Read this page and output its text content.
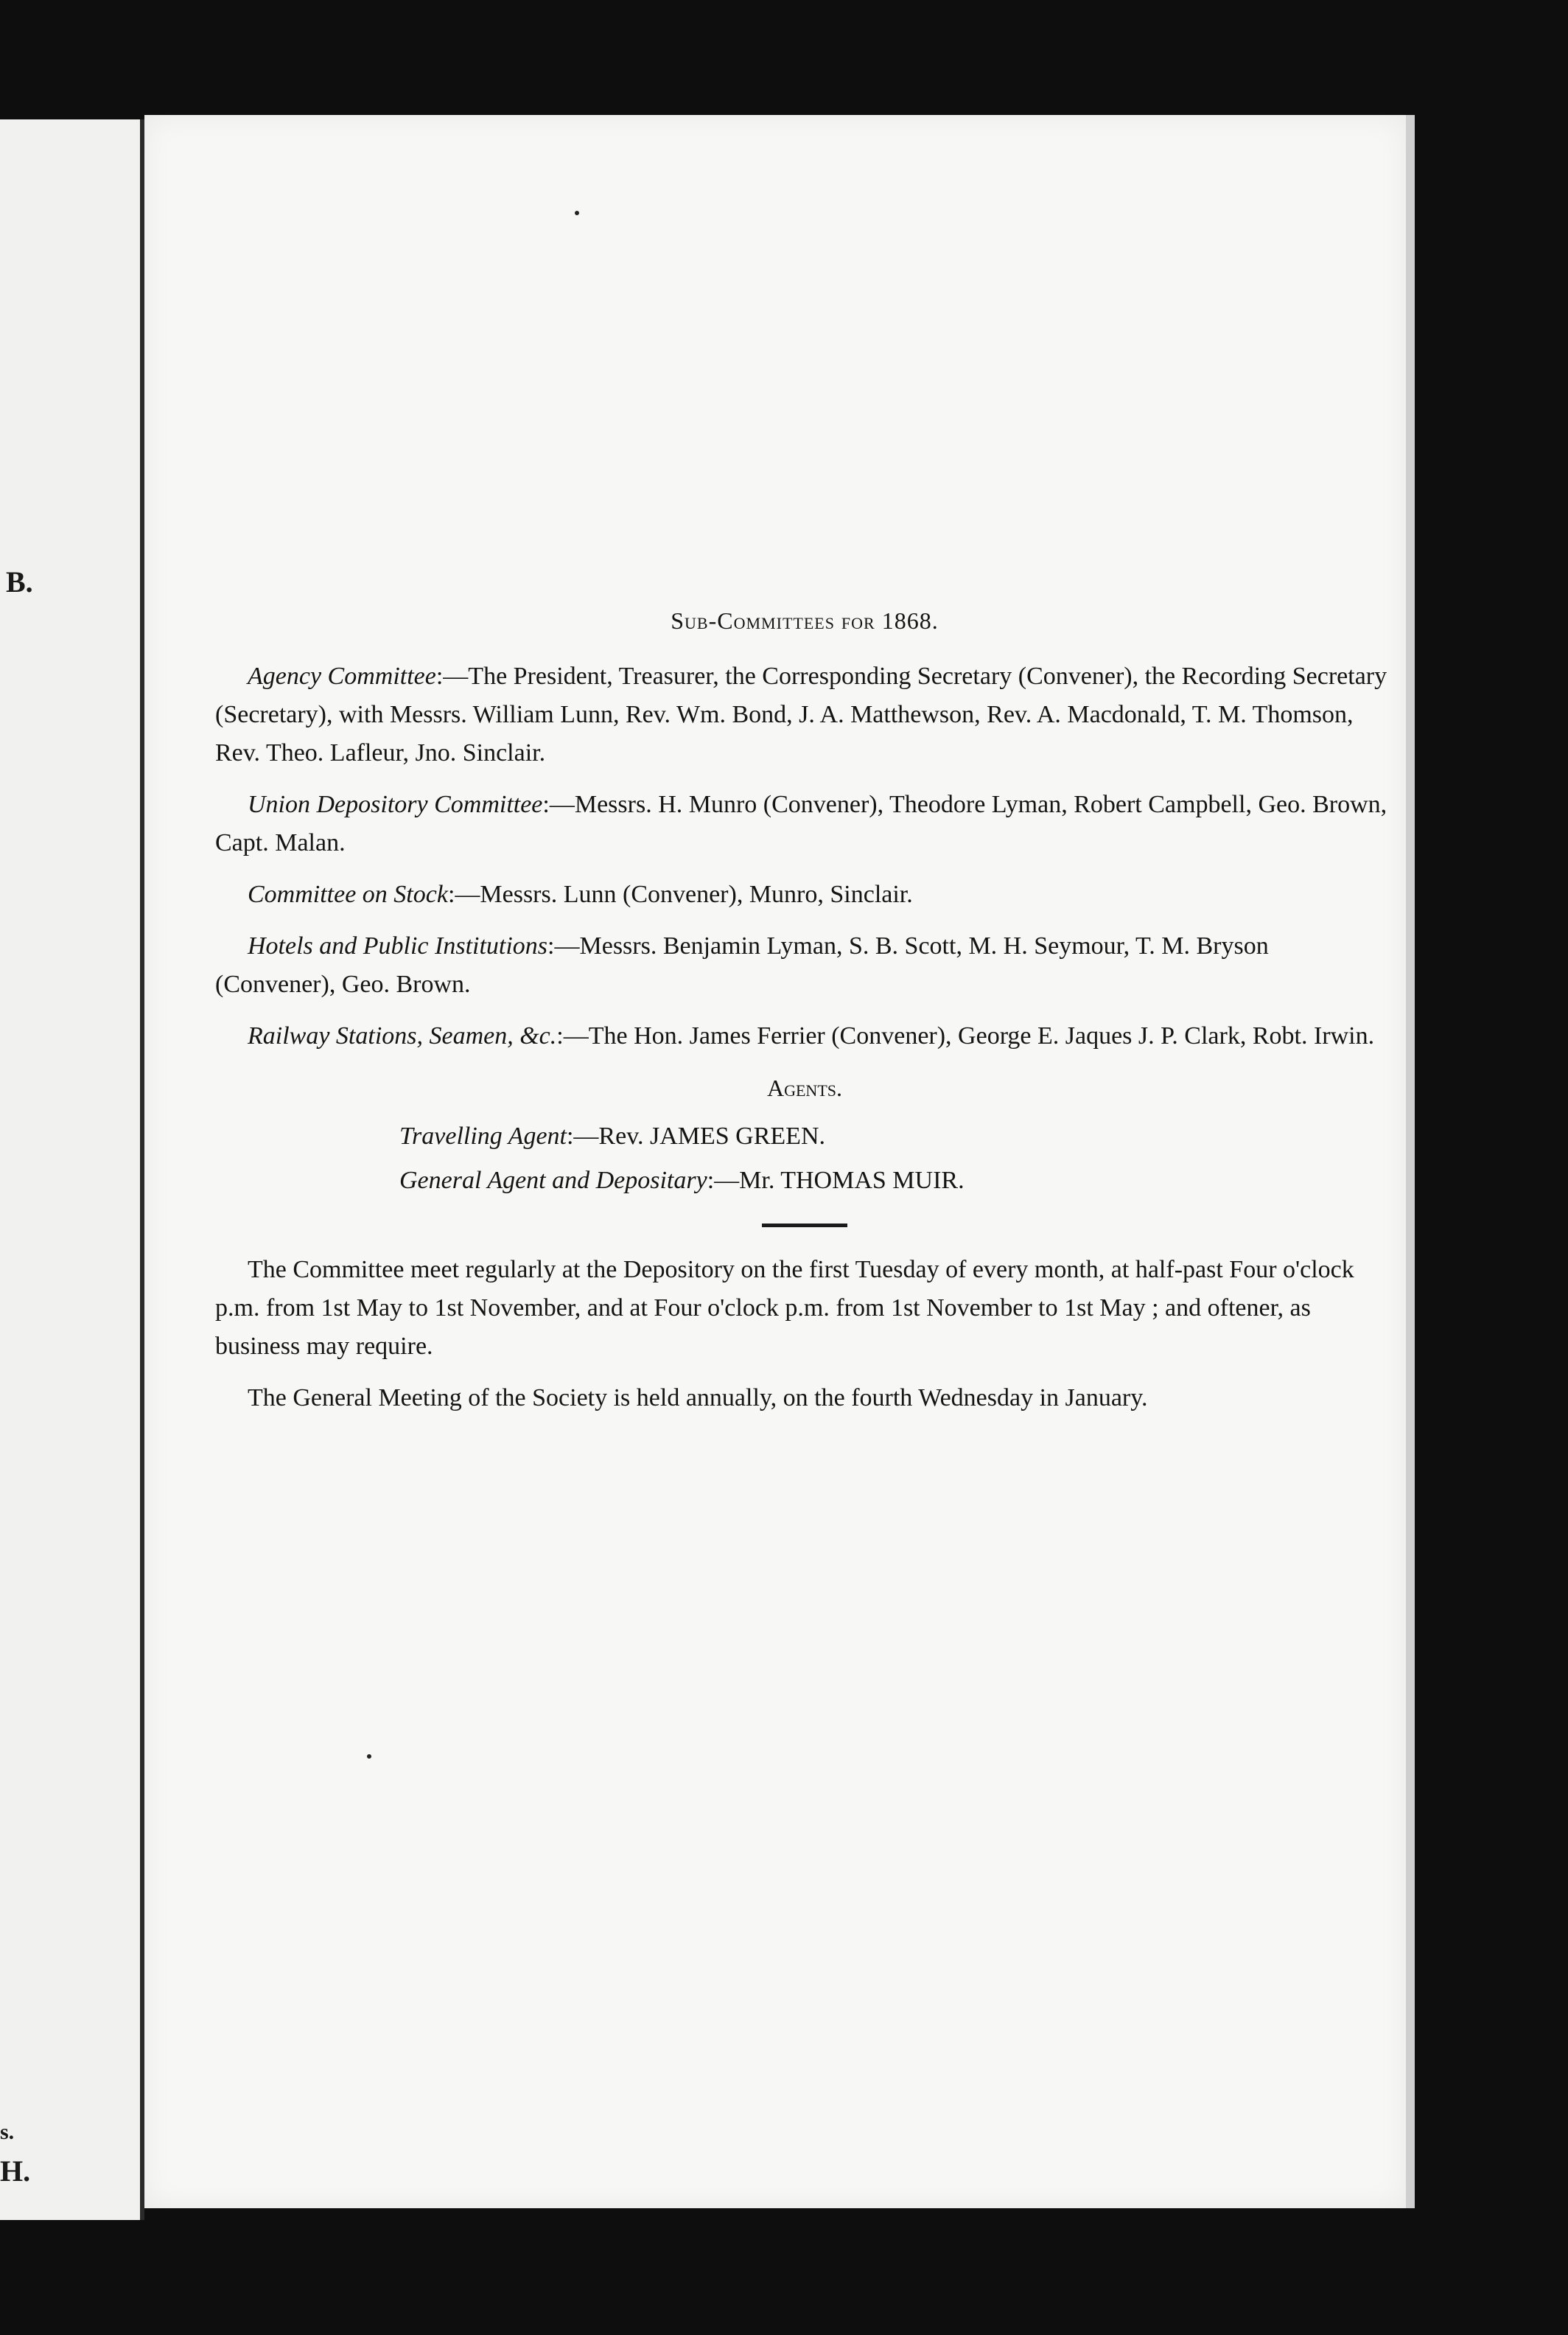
B.
s.
H.
Sub-Committees for 1868.

Agency Committee:—The President, Treasurer, the Corresponding Secretary (Convener), the Recording Secretary (Secretary), with Messrs. William Lunn, Rev. Wm. Bond, J. A. Matthewson, Rev. A. Macdonald, T. M. Thomson, Rev. Theo. Lafleur, Jno. Sinclair.

Union Depository Committee:—Messrs. H. Munro (Convener), Theodore Lyman, Robert Campbell, Geo. Brown, Capt. Malan.

Committee on Stock:—Messrs. Lunn (Convener), Munro, Sinclair.

Hotels and Public Institutions:—Messrs. Benjamin Lyman, S. B. Scott, M. H. Seymour, T. M. Bryson (Convener), Geo. Brown.

Railway Stations, Seamen, &c.:—The Hon. James Ferrier (Convener), George E. Jaques J. P. Clark, Robt. Irwin.

Agents.
Travelling Agent:—Rev. JAMES GREEN.
General Agent and Depositary:—Mr. THOMAS MUIR.

The Committee meet regularly at the Depository on the first Tuesday of every month, at half-past Four o'clock p.m. from 1st May to 1st November, and at Four o'clock p.m. from 1st November to 1st May ; and oftener, as business may require.

The General Meeting of the Society is held annually, on the fourth Wednesday in January.
